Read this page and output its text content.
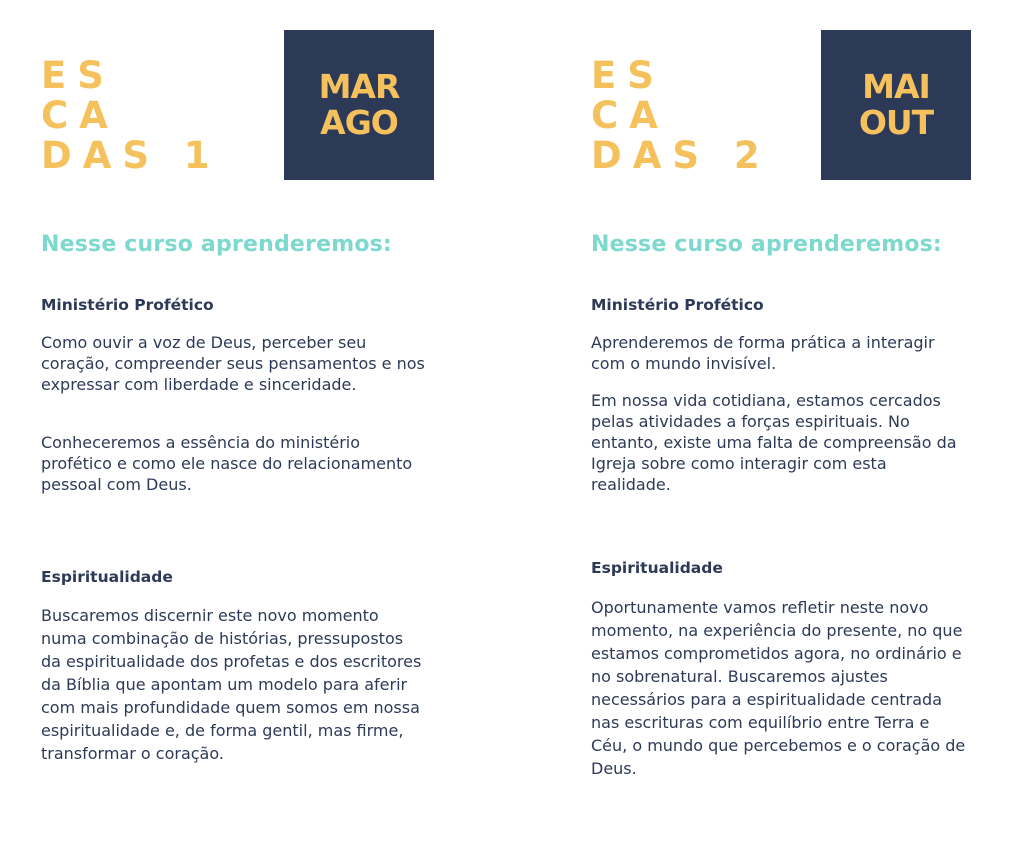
ES
CA
DAS 1
MAR
AGO
Nesse curso aprenderemos:
Ministério Profético

Como ouvir a voz de Deus, perceber seu coração, compreender seus pensamentos e nos expressar com liberdade e sinceridade.

Conheceremos a essência do ministério profético e como ele nasce do relacionamento pessoal com Deus.

Espiritualidade

Buscaremos discernir este novo momento numa combinação de histórias, pressupostos da espiritualidade dos profetas e dos escritores da Bíblia que apontam um modelo para aferir com mais profundidade quem somos em nossa espiritualidade e, de forma gentil, mas firme, transformar o coração.

ES
CA
DAS 2
MAI
OUT
Nesse curso aprenderemos:
Ministério Profético

Aprenderemos de forma prática a interagir com o mundo invisível.

Em nossa vida cotidiana, estamos cercados pelas atividades a forças espirituais. No entanto, existe uma falta de compreensão da Igreja sobre como interagir com esta realidade.

Espiritualidade

Oportunamente vamos refletir neste novo momento, na experiência do presente, no que estamos comprometidos agora, no ordinário e no sobrenatural. Buscaremos ajustes necessários para a espiritualidade centrada nas escrituras com equilíbrio entre Terra e Céu, o mundo que percebemos e o coração de Deus.
